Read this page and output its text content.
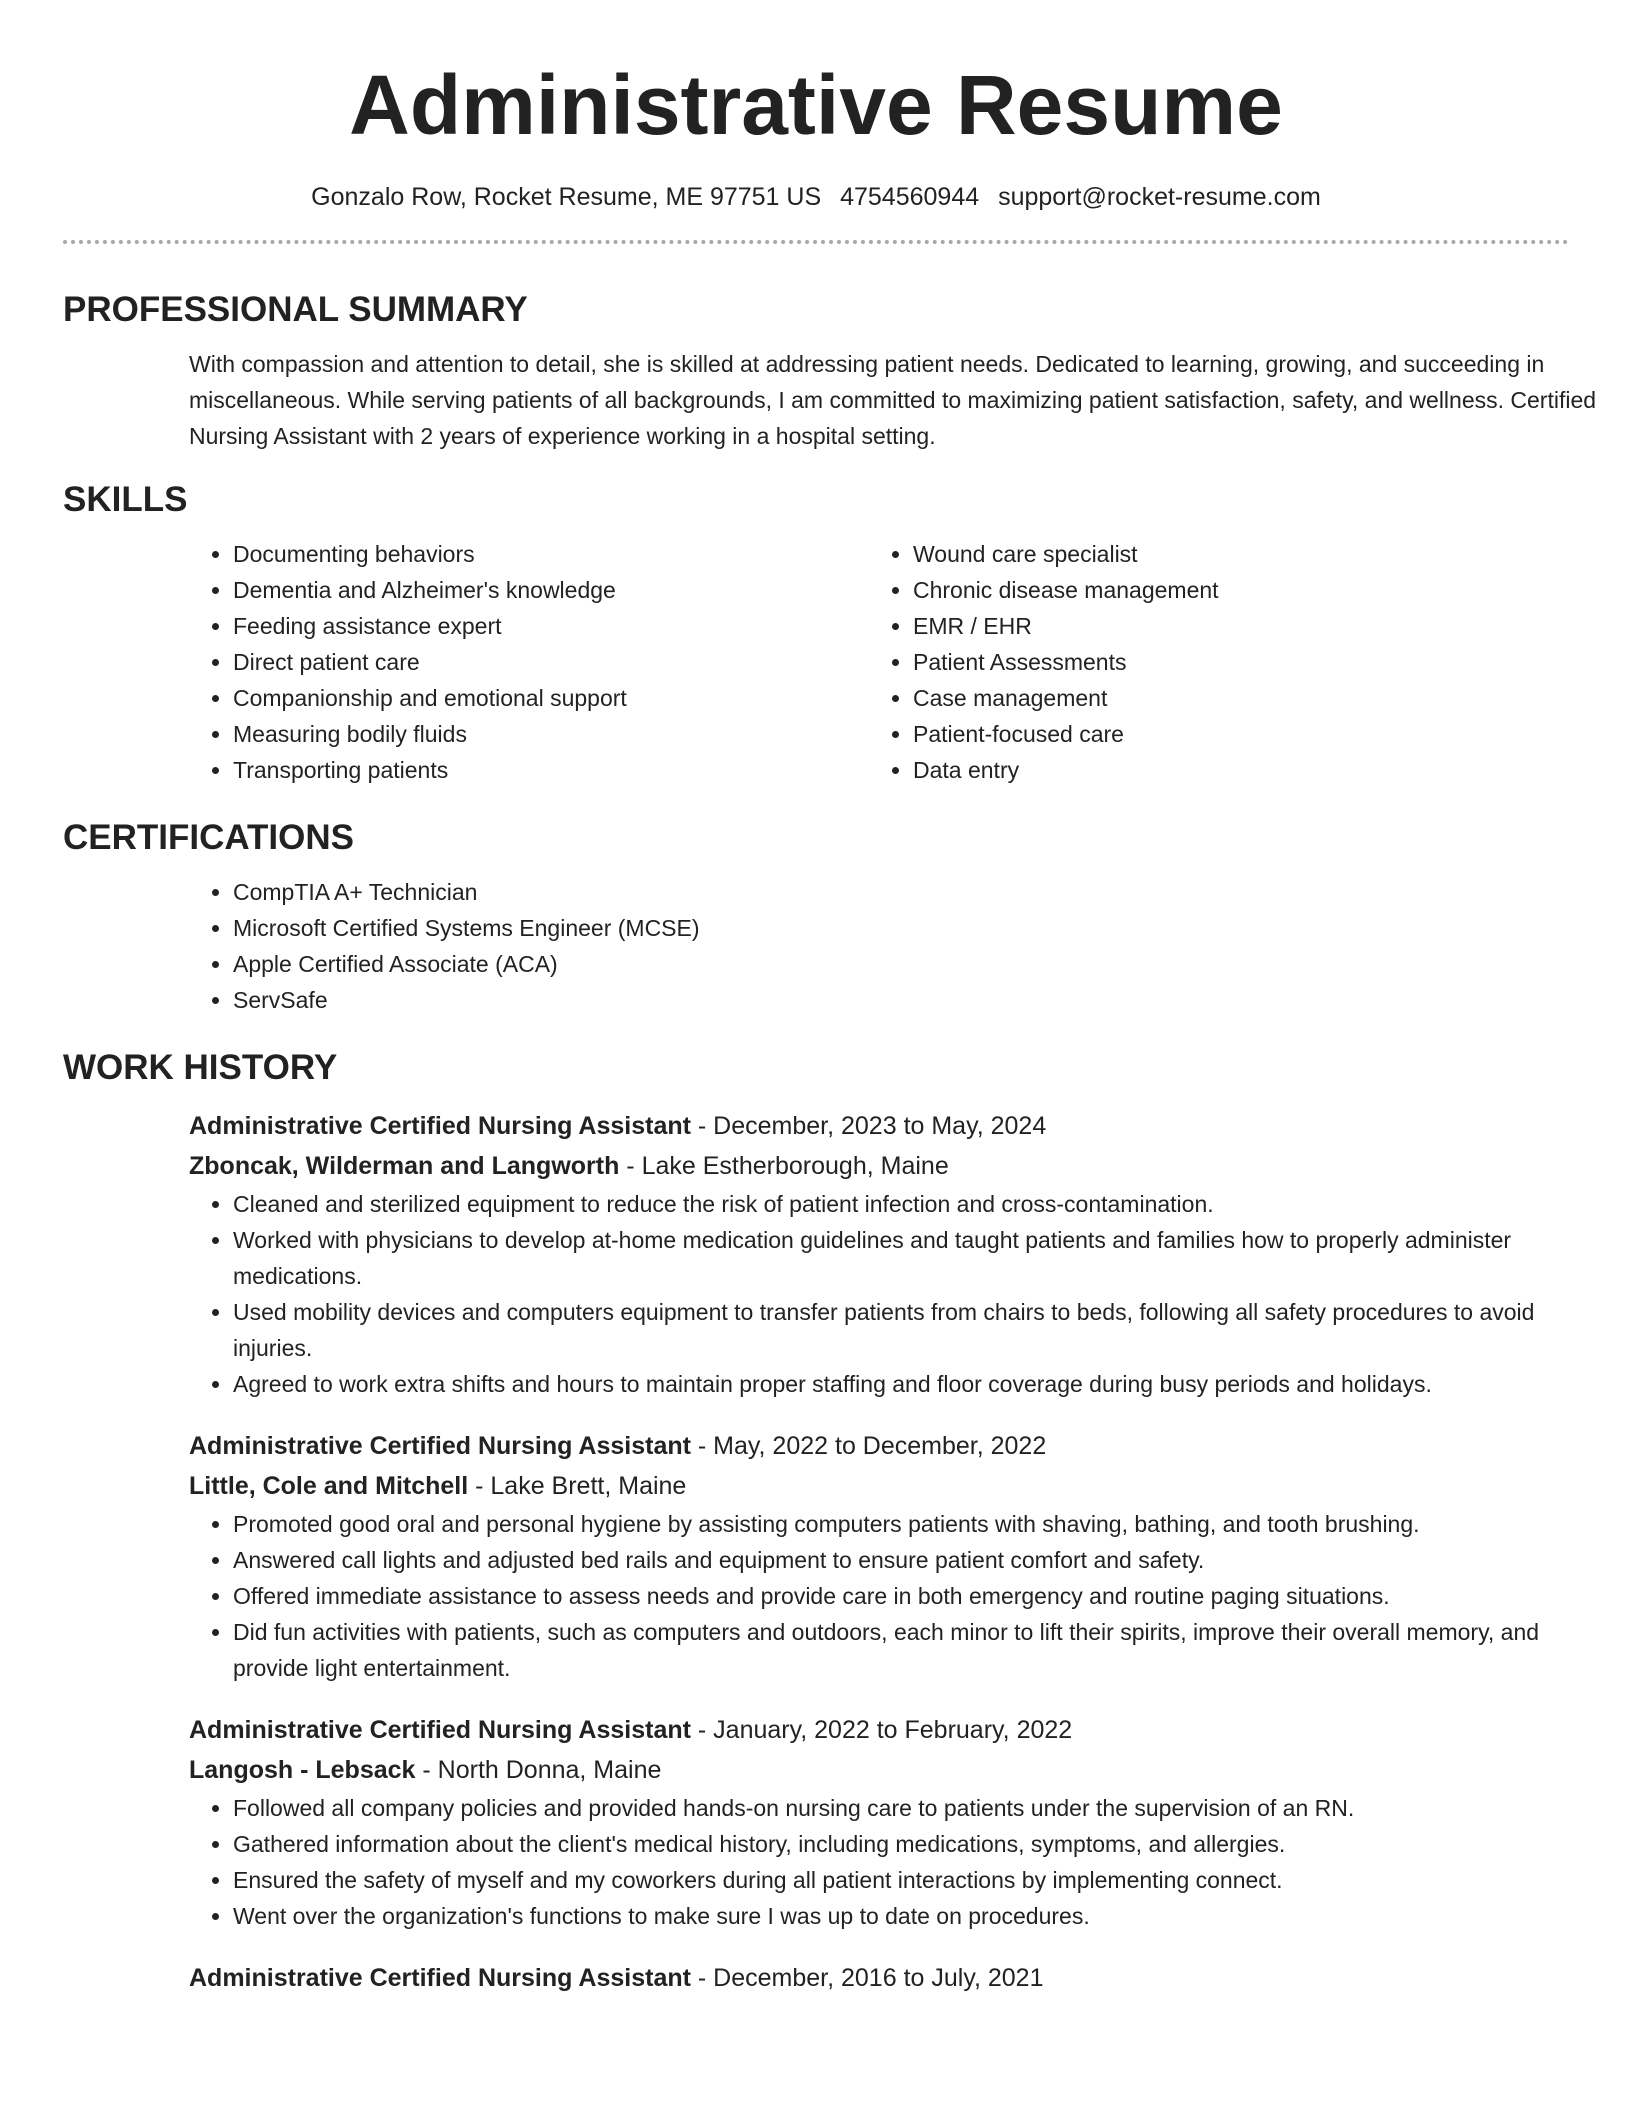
Administrative Resume
Gonzalo Row, Rocket Resume, ME 97751 US 4754560944 support@rocket-resume.com
PROFESSIONAL SUMMARY

With compassion and attention to detail, she is skilled at addressing patient needs. Dedicated to learning, growing, and succeeding in miscellaneous. While serving patients of all backgrounds, I am committed to maximizing patient satisfaction, safety, and wellness. Certified Nursing Assistant with 2 years of experience working in a hospital setting.

SKILLS
• Documenting behaviors
• Dementia and Alzheimer's knowledge
• Feeding assistance expert
• Direct patient care
• Companionship and emotional support
• Measuring bodily fluids
• Transporting patients
• Wound care specialist
• Chronic disease management
• EMR / EHR
• Patient Assessments
• Case management
• Patient-focused care
• Data entry
CERTIFICATIONS
• CompTIA A+ Technician
• Microsoft Certified Systems Engineer (MCSE)
• Apple Certified Associate (ACA)
• ServSafe
WORK HISTORY
Administrative Certified Nursing Assistant - December, 2023 to May, 2024
Zboncak, Wilderman and Langworth - Lake Estherborough, Maine
• Cleaned and sterilized equipment to reduce the risk of patient infection and cross-contamination.
• Worked with physicians to develop at-home medication guidelines and taught patients and families how to properly administer medications.
• Used mobility devices and computers equipment to transfer patients from chairs to beds, following all safety procedures to avoid injuries.
• Agreed to work extra shifts and hours to maintain proper staffing and floor coverage during busy periods and holidays.
Administrative Certified Nursing Assistant - May, 2022 to December, 2022
Little, Cole and Mitchell - Lake Brett, Maine
• Promoted good oral and personal hygiene by assisting computers patients with shaving, bathing, and tooth brushing.
• Answered call lights and adjusted bed rails and equipment to ensure patient comfort and safety.
• Offered immediate assistance to assess needs and provide care in both emergency and routine paging situations.
• Did fun activities with patients, such as computers and outdoors, each minor to lift their spirits, improve their overall memory, and provide light entertainment.
Administrative Certified Nursing Assistant - January, 2022 to February, 2022
Langosh - Lebsack - North Donna, Maine
• Followed all company policies and provided hands-on nursing care to patients under the supervision of an RN.
• Gathered information about the client's medical history, including medications, symptoms, and allergies.
• Ensured the safety of myself and my coworkers during all patient interactions by implementing connect.
• Went over the organization's functions to make sure I was up to date on procedures.
Administrative Certified Nursing Assistant - December, 2016 to July, 2021
